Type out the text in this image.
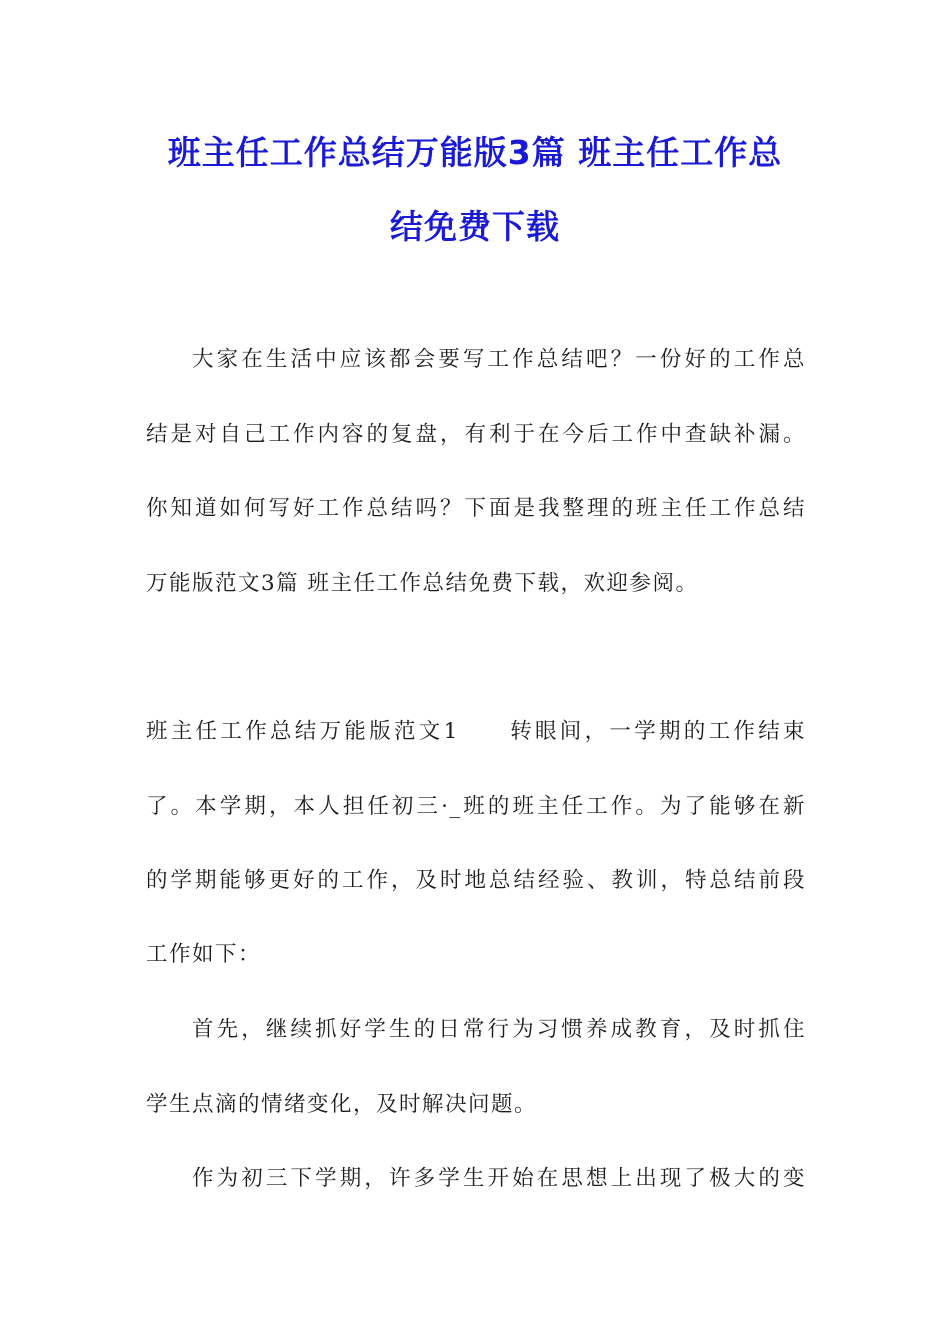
班主任工作总结万能版3篇 班主任工作总
结免费下载
大家在生活中应该都会要写工作总结吧？一份好的工作总
结是对自己工作内容的复盘，有利于在今后工作中查缺补漏。
你知道如何写好工作总结吗？下面是我整理的班主任工作总结
万能版范文3篇 班主任工作总结免费下载，欢迎参阅。
班主任工作总结万能版范文1　　转眼间，一学期的工作结束
了。本学期，本人担任初三·_班的班主任工作。为了能够在新
的学期能够更好的工作，及时地总结经验、教训，特总结前段
工作如下：
首先，继续抓好学生的日常行为习惯养成教育，及时抓住
学生点滴的情绪变化，及时解决问题。
作为初三下学期，许多学生开始在思想上出现了极大的变
